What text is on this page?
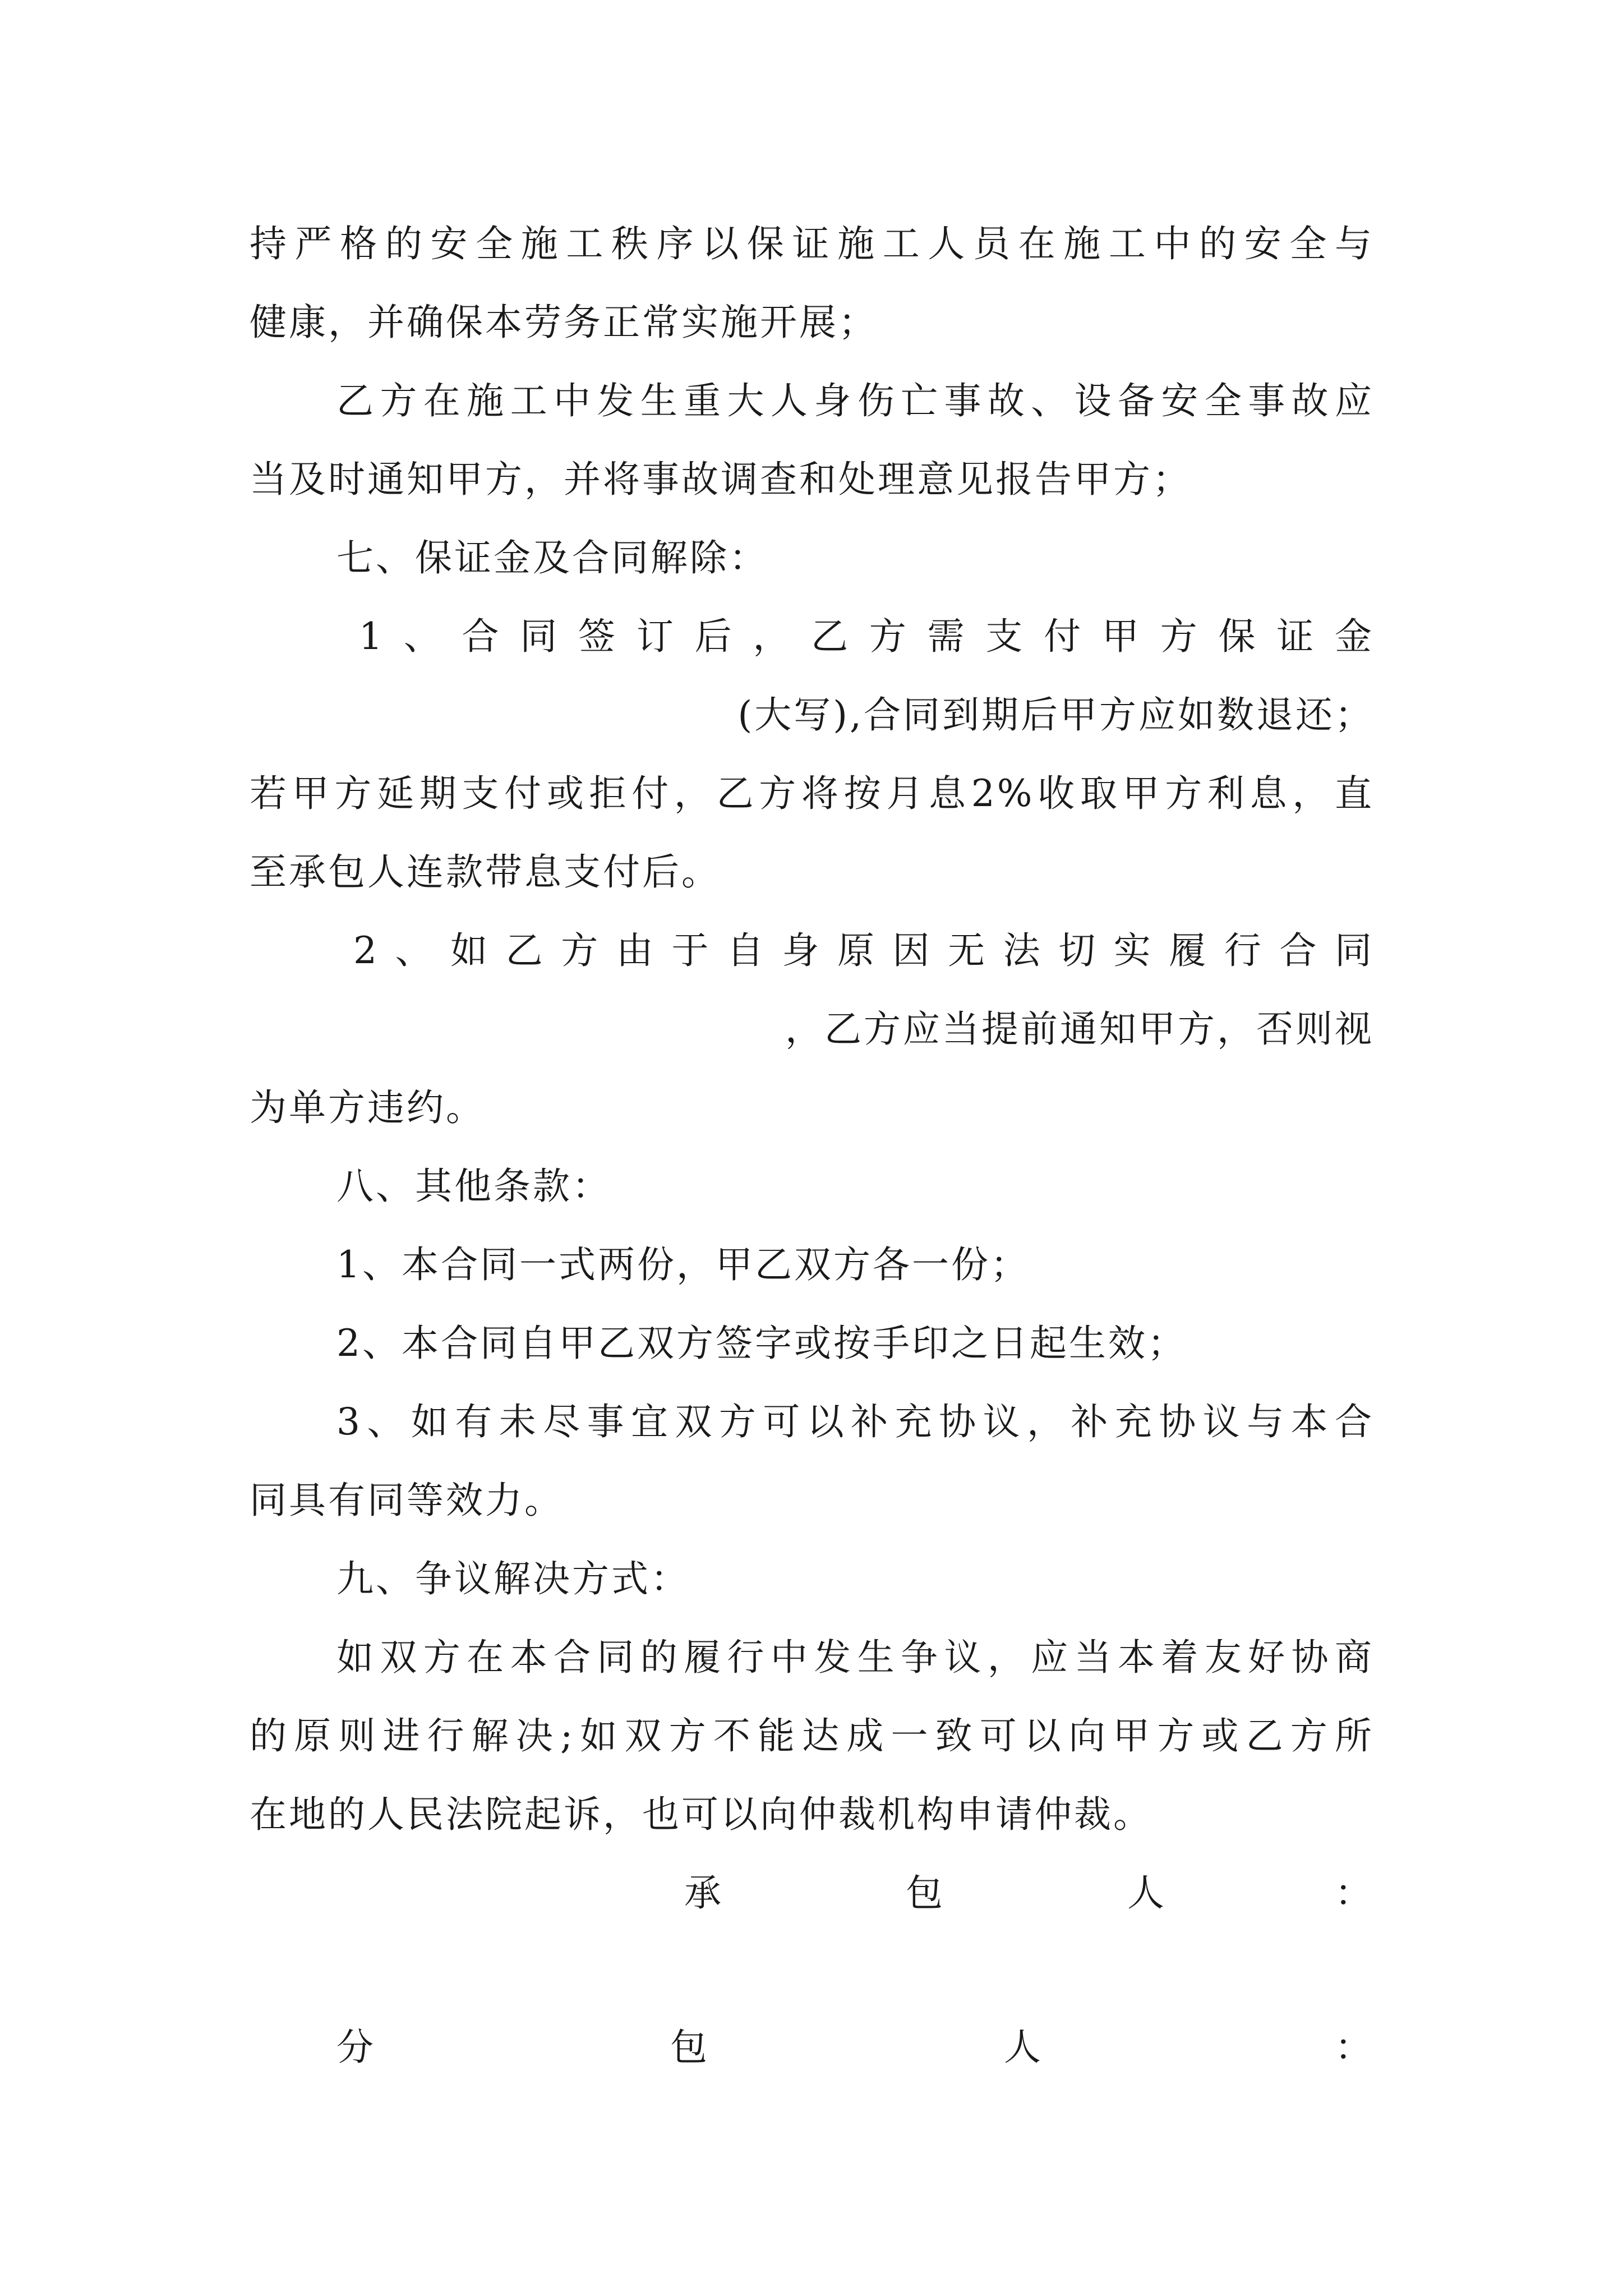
持严格的安全施工秩序以保证施工人员在施工中的安全与
健康，并确保本劳务正常实施开展；
乙方在施工中发生重大人身伤亡事故、设备安全事故应
当及时通知甲方，并将事故调查和处理意见报告甲方；
七、保证金及合同解除：
1、合同签订后，乙方需支付甲方保证金
(大写),合同到期后甲方应如数退还；
若甲方延期支付或拒付，乙方将按月息2%收取甲方利息，直
至承包人连款带息支付后。
2、如乙方由于自身原因无法切实履行合同
，乙方应当提前通知甲方，否则视
为单方违约。
八、其他条款：
1、本合同一式两份，甲乙双方各一份；
2、本合同自甲乙双方签字或按手印之日起生效；
3、如有未尽事宜双方可以补充协议，补充协议与本合
同具有同等效力。
九、争议解决方式：
如双方在本合同的履行中发生争议，应当本着友好协商
的原则进行解决;如双方不能达成一致可以向甲方或乙方所
在地的人民法院起诉，也可以向仲裁机构申请仲裁。
承	包	人	：
分	包	人	：
